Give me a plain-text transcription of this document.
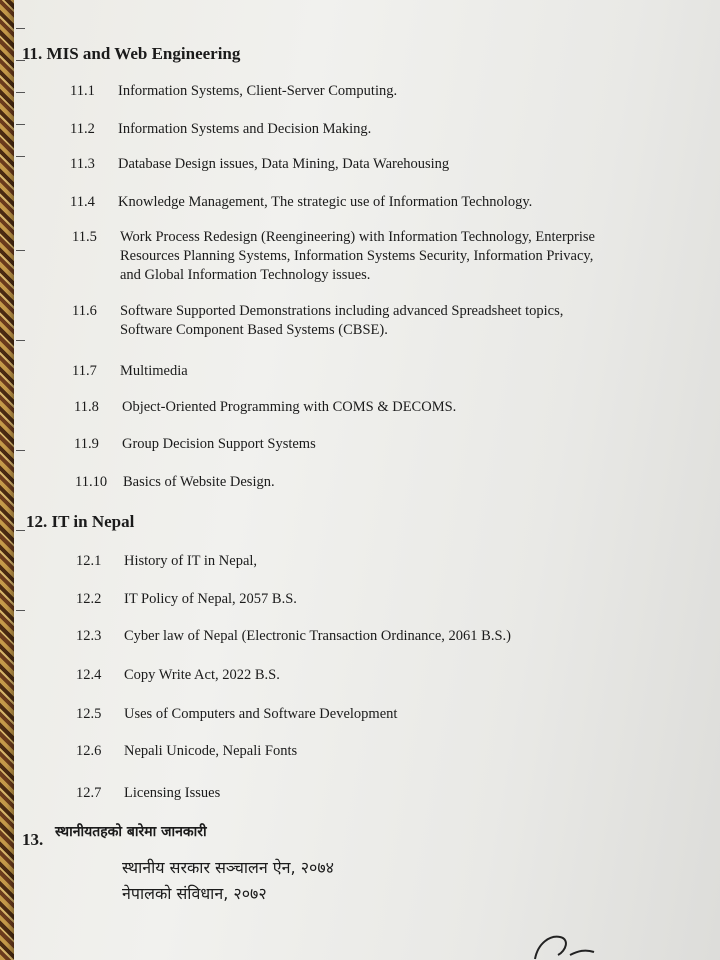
11. MIS and Web Engineering
11.1 Information Systems, Client-Server Computing.
11.2 Information Systems and Decision Making.
11.3 Database Design issues, Data Mining, Data Warehousing
11.4 Knowledge Management, The strategic use of Information Technology.
11.5 Work Process Redesign (Reengineering) with Information Technology, Enterprise
Resources Planning Systems, Information Systems Security, Information Privacy,
and Global Information Technology issues.
11.6 Software Supported Demonstrations including advanced Spreadsheet topics,
Software Component Based Systems (CBSE).
11.7 Multimedia
11.8 Object-Oriented Programming with COMS & DECOMS.
11.9 Group Decision Support Systems
11.10 Basics of Website Design.
12. IT in Nepal
12.1 History of IT in Nepal,
12.2 IT Policy of Nepal, 2057 B.S.
12.3 Cyber law of Nepal (Electronic Transaction Ordinance, 2061 B.S.)
12.4 Copy Write Act, 2022 B.S.
12.5 Uses of Computers and Software Development
12.6 Nepali Unicode, Nepali Fonts
12.7 Licensing Issues
13. स्थानीयतहको बारेमा जानकारी
स्थानीय सरकार सञ्चालन ऐन, २०७४
नेपालको संविधान, २०७२
